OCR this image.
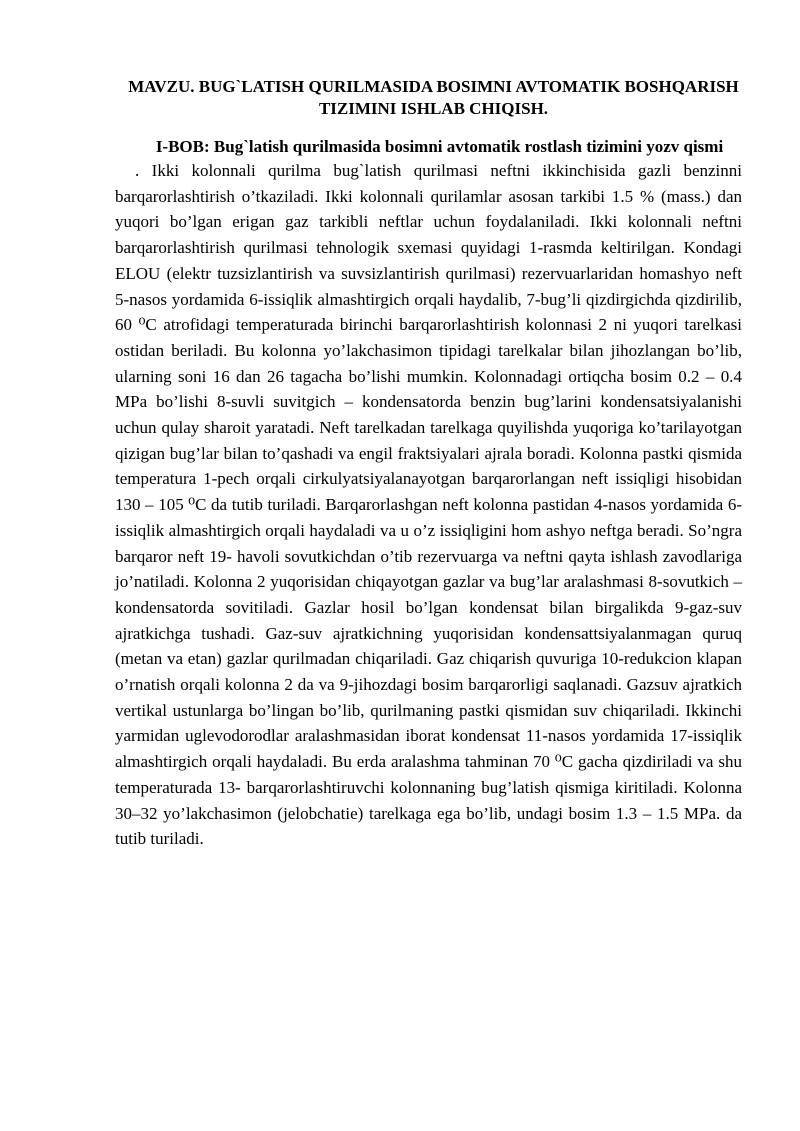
MAVZU. BUG`LATISH QURILMASIDA BOSIMNI AVTOMATIK BOSHQARISH TIZIMINI ISHLAB CHIQISH.
I-BOB: Bug`latish qurilmasida bosimni avtomatik rostlash tizimini yozv qismi

. Ikki kolonnali qurilma bug`latish qurilmasi neftni ikkinchisida gazli benzinni barqarorlashtirish o’tkaziladi. Ikki kolonnali qurilamlar asosan tarkibi 1.5 % (mass.) dan yuqori bo’lgan erigan gaz tarkibli neftlar uchun foydalaniladi. Ikki kolonnali neftni barqarorlashtirish qurilmasi tehnologik sxemasi quyidagi 1-rasmda keltirilgan. Kondagi ELOU (elektr tuzsizlantirish va suvsizlantirish qurilmasi) rezervuarlaridan homashyo neft 5-nasos yordamida 6-issiqlik almashtirgich orqali haydalib, 7-bug’li qizdirgichda qizdirilib, 60 ⁰C atrofidagi temperaturada birinchi barqarorlashtirish kolonnasi 2 ni yuqori tarelkasi ostidan beriladi. Bu kolonna yo’lakchasimon tipidagi tarelkalar bilan jihozlangan bo’lib, ularning soni 16 dan 26 tagacha bo’lishi mumkin. Kolonnadagi ortiqcha bosim 0.2 – 0.4 MPa bo’lishi 8-suvli suvitgich – kondensatorda benzin bug’larini kondensatsiyalanishi uchun qulay sharoit yaratadi. Neft tarelkadan tarelkaga quyilishda yuqoriga ko’tarilayotgan qizigan bug’lar bilan to’qashadi va engil fraktsiyalari ajrala boradi. Kolonna pastki qismida temperatura 1-pech orqali cirkulyatsiyalanayotgan barqarorlangan neft issiqligi hisobidan 130 – 105 ⁰C da tutib turiladi. Barqarorlashgan neft kolonna pastidan 4-nasos yordamida 6-issiqlik almashtirgich orqali haydaladi va u o’z issiqligini hom ashyo neftga beradi. So’ngra barqaror neft 19- havoli sovutkichdan o’tib rezervuarga va neftni qayta ishlash zavodlariga jo’natiladi. Kolonna 2 yuqorisidan chiqayotgan gazlar va bug’lar aralashmasi 8-sovutkich – kondensatorda sovitiladi. Gazlar hosil bo’lgan kondensat bilan birgalikda 9-gaz-suv ajratkichga tushadi. Gaz-suv ajratkichning yuqorisidan kondensattsiyalanmagan quruq (metan va etan) gazlar qurilmadan chiqariladi. Gaz chiqarish quvuriga 10-redukcion klapan o’rnatish orqali kolonna 2 da va 9-jihozdagi bosim barqarorligi saqlanadi. Gazsuv ajratkich vertikal ustunlarga bo’lingan bo’lib, qurilmaning pastki qismidan suv chiqariladi. Ikkinchi yarmidan uglevodorodlar aralashmasidan iborat kondensat 11-nasos yordamida 17-issiqlik almashtirgich orqali haydaladi. Bu erda aralashma tahminan 70 ⁰C gacha qizdiriladi va shu temperaturada 13- barqarorlashtiruvchi kolonnaning bug’latish qismiga kiritiladi. Kolonna 30–32 yo’lakchasimon (jelobchatie) tarelkaga ega bo’lib, undagi bosim 1.3 – 1.5 MPa. da tutib turiladi.
